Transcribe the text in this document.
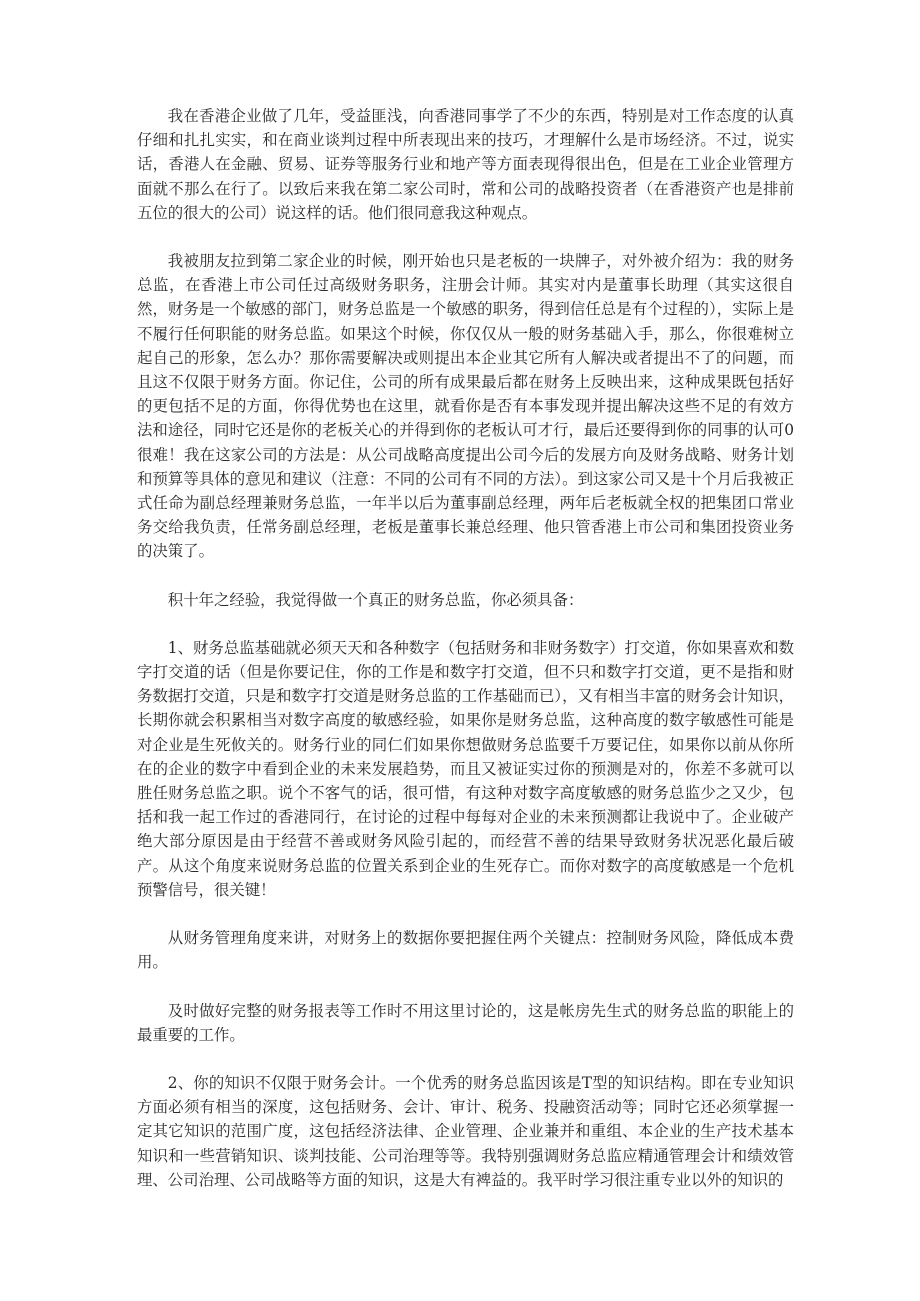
我在香港企业做了几年，受益匪浅，向香港同事学了不少的东西，特别是对工作态度的认真仔细和扎扎实实，和在商业谈判过程中所表现出来的技巧，才理解什么是市场经济。不过，说实话，香港人在金融、贸易、证券等服务行业和地产等方面表现得很出色，但是在工业企业管理方面就不那么在行了。以致后来我在第二家公司时，常和公司的战略投资者（在香港资产也是排前五位的很大的公司）说这样的话。他们很同意我这种观点。

我被朋友拉到第二家企业的时候，刚开始也只是老板的一块牌子，对外被介绍为：我的财务总监，在香港上市公司任过高级财务职务，注册会计师。其实对内是董事长助理（其实这很自然，财务是一个敏感的部门，财务总监是一个敏感的职务，得到信任总是有个过程的），实际上是不履行任何职能的财务总监。如果这个时候，你仅仅从一般的财务基础入手，那么，你很难树立起自己的形象，怎么办？那你需要解决或则提出本企业其它所有人解决或者提出不了的问题，而且这不仅限于财务方面。你记住，公司的所有成果最后都在财务上反映出来，这种成果既包括好的更包括不足的方面，你得优势也在这里，就看你是否有本事发现并提出解决这些不足的有效方法和途径，同时它还是你的老板关心的并得到你的老板认可才行，最后还要得到你的同事的认可0很难！我在这家公司的方法是：从公司战略高度提出公司今后的发展方向及财务战略、财务计划和预算等具体的意见和建议（注意：不同的公司有不同的方法）。到这家公司又是十个月后我被正式任命为副总经理兼财务总监，一年半以后为董事副总经理，两年后老板就全权的把集团口常业务交给我负责，任常务副总经理，老板是董事长兼总经理、他只管香港上市公司和集团投资业务的决策了。

积十年之经验，我觉得做一个真正的财务总监，你必须具备：

1、财务总监基础就必须天天和各种数字（包括财务和非财务数字）打交道，你如果喜欢和数字打交道的话（但是你要记住，你的工作是和数字打交道，但不只和数字打交道，更不是指和财务数据打交道，只是和数字打交道是财务总监的工作基础而已），又有相当丰富的财务会计知识，长期你就会积累相当对数字高度的敏感经验，如果你是财务总监，这种高度的数字敏感性可能是对企业是生死攸关的。财务行业的同仁们如果你想做财务总监要千万要记住，如果你以前从你所在的企业的数字中看到企业的未来发展趋势，而且又被证实过你的预测是对的，你差不多就可以胜任财务总监之职。说个不客气的话，很可惜，有这种对数字高度敏感的财务总监少之又少，包括和我一起工作过的香港同行，在讨论的过程中每每对企业的未来预测都让我说中了。企业破产绝大部分原因是由于经营不善或财务风险引起的，而经营不善的结果导致财务状况恶化最后破产。从这个角度来说财务总监的位置关系到企业的生死存亡。而你对数字的高度敏感是一个危机预警信号，很关键！

从财务管理角度来讲，对财务上的数据你要把握住两个关键点：控制财务风险，降低成本费用。

及时做好完整的财务报表等工作时不用这里讨论的，这是帐房先生式的财务总监的职能上的最重要的工作。

2、你的知识不仅限于财务会计。一个优秀的财务总监因该是T型的知识结构。即在专业知识方面必须有相当的深度，这包括财务、会计、审计、税务、投融资活动等；同时它还必须掌握一定其它知识的范围广度，这包括经济法律、企业管理、企业兼并和重组、本企业的生产技术基本知识和一些营销知识、谈判技能、公司治理等等。我特别强调财务总监应精通管理会计和绩效管理、公司治理、公司战略等方面的知识，这是大有裨益的。我平时学习很注重专业以外的知识的
